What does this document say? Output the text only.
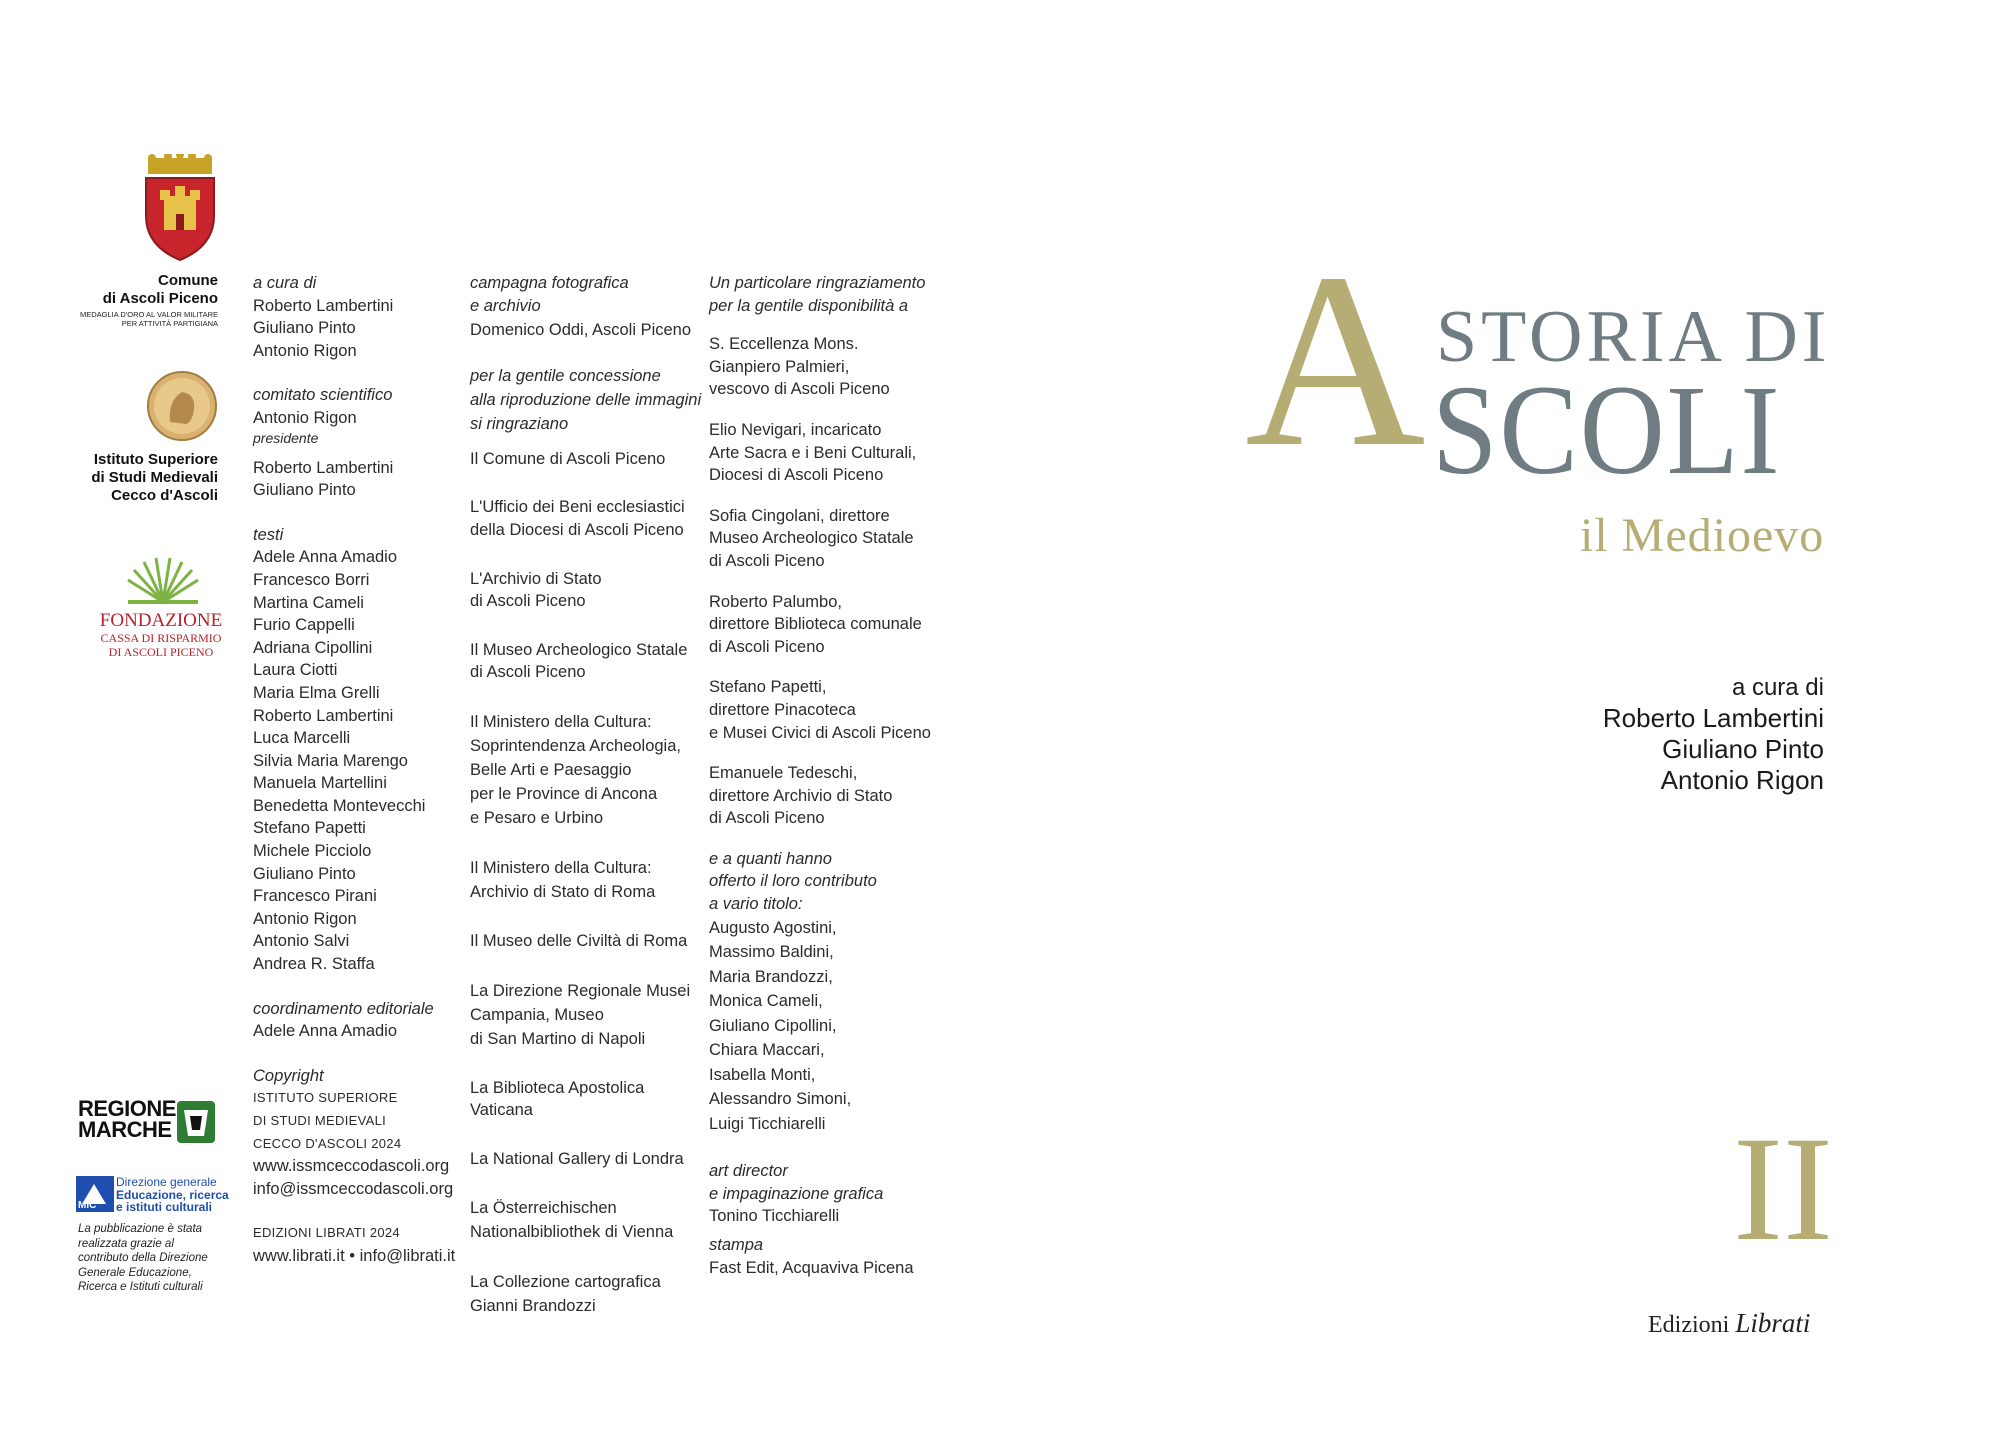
Comune
di Ascoli Piceno
MEDAGLIA D'ORO AL VALOR MILITARE
PER ATTIVITÀ PARTIGIANA
Istituto Superiore
di Studi Medievali
Cecco d'Ascoli
FONDAZIONE
CASSA DI RISPARMIO
DI ASCOLI PICENO
REGIONE
MARCHE
MiC
Direzione generale
Educazione, ricerca
e istituti culturali
La pubblicazione è stata
realizzata grazie al
contributo della Direzione
Generale Educazione,
Ricerca e Istituti culturali
a cura di
Roberto Lambertini
Giuliano Pinto
Antonio Rigon
comitato scientifico
Antonio Rigon
presidente
Roberto Lambertini
Giuliano Pinto
testi
Adele Anna Amadio
Francesco Borri
Martina Cameli
Furio Cappelli
Adriana Cipollini
Laura Ciotti
Maria Elma Grelli
Roberto Lambertini
Luca Marcelli
Silvia Maria Marengo
Manuela Martellini
Benedetta Montevecchi
Stefano Papetti
Michele Picciolo
Giuliano Pinto
Francesco Pirani
Antonio Rigon
Antonio Salvi
Andrea R. Staffa
coordinamento editoriale
Adele Anna Amadio
Copyright
ISTITUTO SUPERIORE
DI STUDI MEDIEVALI
CECCO D'ASCOLI 2024
www.issmceccodascoli.org
info@issmceccodascoli.org
EDIZIONI LIBRATI 2024
www.librati.it • info@librati.it
campagna fotografica
e archivio
Domenico Oddi, Ascoli Piceno
per la gentile concessione
alla riproduzione delle immagini
si ringraziano
Il Comune di Ascoli Piceno
L'Ufficio dei Beni ecclesiastici
della Diocesi di Ascoli Piceno
L'Archivio di Stato
di Ascoli Piceno
Il Museo Archeologico Statale
di Ascoli Piceno
Il Ministero della Cultura:
Soprintendenza Archeologia,
Belle Arti e Paesaggio
per le Province di Ancona
e Pesaro e Urbino
Il Ministero della Cultura:
Archivio di Stato di Roma
Il Museo delle Civiltà di Roma
La Direzione Regionale Musei
Campania, Museo
di San Martino di Napoli
La Biblioteca Apostolica Vaticana
La National Gallery di Londra
La Österreichischen
Nationalbibliothek di Vienna
La Collezione cartografica
Gianni Brandozzi
Un particolare ringraziamento
per la gentile disponibilità a
S. Eccellenza Mons.
Gianpiero Palmieri,
vescovo di Ascoli Piceno
Elio Nevigari, incaricato
Arte Sacra e i Beni Culturali,
Diocesi di Ascoli Piceno
Sofia Cingolani, direttore
Museo Archeologico Statale
di Ascoli Piceno
Roberto Palumbo,
direttore Biblioteca comunale
di Ascoli Piceno
Stefano Papetti,
direttore Pinacoteca
e Musei Civici di Ascoli Piceno
Emanuele Tedeschi,
direttore Archivio di Stato
di Ascoli Piceno
e a quanti hanno
offerto il loro contributo
a vario titolo:
Augusto Agostini,
Massimo Baldini,
Maria Brandozzi,
Monica Cameli,
Giuliano Cipollini,
Chiara Maccari,
Isabella Monti,
Alessandro Simoni,
Luigi Ticchiarelli
art director
e impaginazione grafica
Tonino Ticchiarelli
stampa
Fast Edit, Acquaviva Picena
A STORIA DI
SCOLI
il Medioevo
a cura di
Roberto Lambertini
Giuliano Pinto
Antonio Rigon
II
Edizioni Librati
